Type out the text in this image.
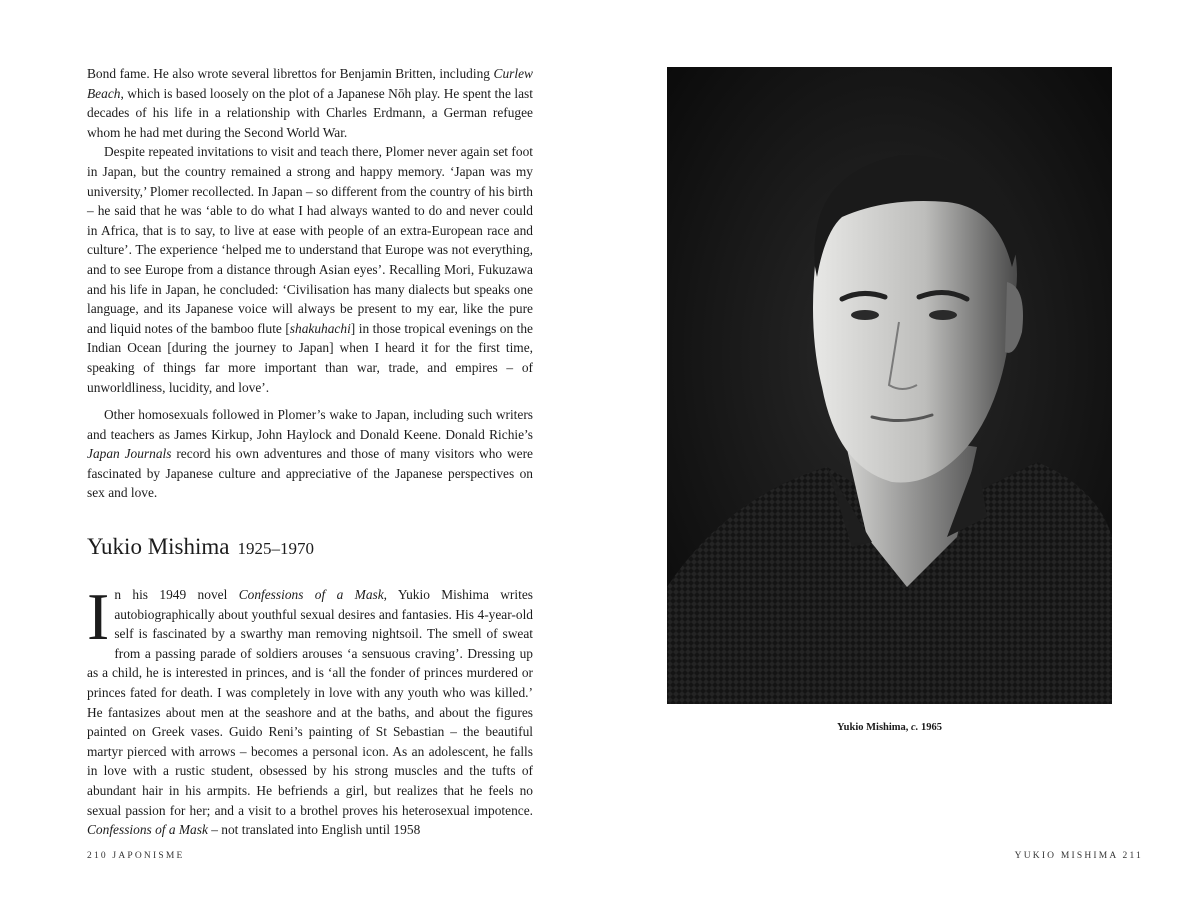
Bond fame. He also wrote several librettos for Benjamin Britten, including Curlew Beach, which is based loosely on the plot of a Japanese Nōh play. He spent the last decades of his life in a relationship with Charles Erdmann, a German refugee whom he had met during the Second World War.

Despite repeated invitations to visit and teach there, Plomer never again set foot in Japan, but the country remained a strong and happy memory. ‘Japan was my university,’ Plomer recollected. In Japan – so different from the country of his birth – he said that he was ‘able to do what I had always wanted to do and never could in Africa, that is to say, to live at ease with people of an extra-European race and culture’. The experience ‘helped me to understand that Europe was not everything, and to see Europe from a distance through Asian eyes’. Recalling Mori, Fukuzawa and his life in Japan, he concluded: ‘Civilisation has many dialects but speaks one language, and its Japanese voice will always be present to my ear, like the pure and liquid notes of the bamboo flute [shakuhachi] in those tropical evenings on the Indian Ocean [during the journey to Japan] when I heard it for the first time, speaking of things far more important than war, trade, and empires – of unworldliness, lucidity, and love’.

Other homosexuals followed in Plomer’s wake to Japan, including such writers and teachers as James Kirkup, John Haylock and Donald Keene. Donald Richie’s Japan Journals record his own adventures and those of many visitors who were fascinated by Japanese culture and appreciative of the Japanese perspectives on sex and love.

Yukio Mishima 1925–1970

In his 1949 novel Confessions of a Mask, Yukio Mishima writes autobiographically about youthful sexual desires and fantasies. His 4-year-old self is fascinated by a swarthy man removing nightsoil. The smell of sweat from a passing parade of soldiers arouses ‘a sensuous craving’. Dressing up as a child, he is interested in princes, and is ‘all the fonder of princes murdered or princes fated for death. I was completely in love with any youth who was killed.’ He fantasizes about men at the seashore and at the baths, and about the figures painted on Greek vases. Guido Reni’s painting of St Sebastian – the beautiful martyr pierced with arrows – becomes a personal icon. As an adolescent, he falls in love with a rustic student, obsessed by his strong muscles and the tufts of abundant hair in his armpits. He befriends a girl, but realizes that he feels no sexual passion for her; and a visit to a brothel proves his heterosexual impotence. Confessions of a Mask – not translated into English until 1958

210 JAPONISME
Yukio Mishima, c. 1965
YUKIO MISHIMA 211
